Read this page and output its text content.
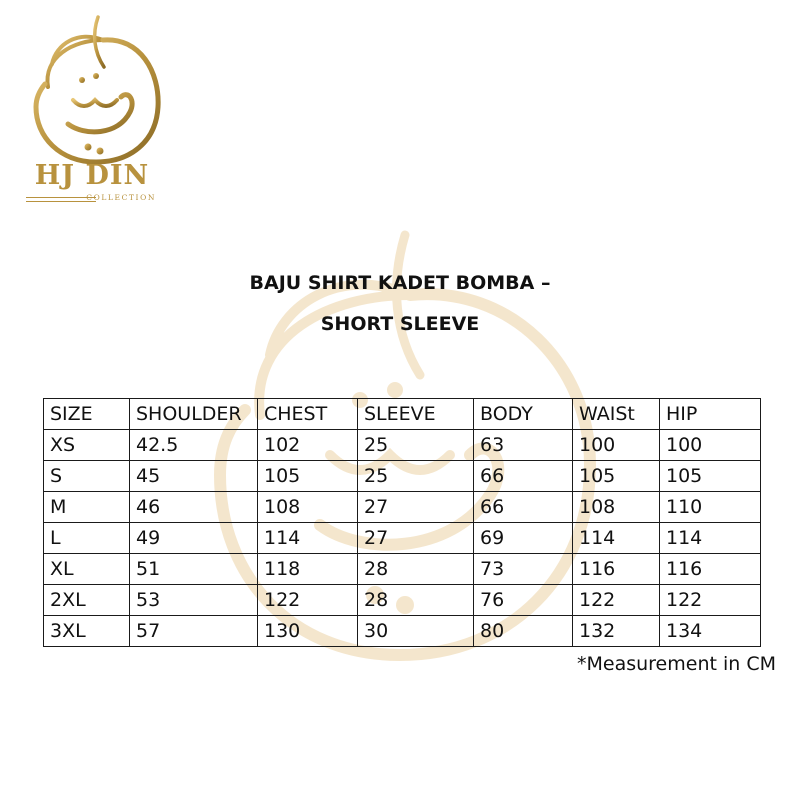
HJ DIN
COLLECTION
BAJU SHIRT KADET BOMBA –
SHORT SLEEVE
SIZE	SHOULDER	CHEST	SLEEVE	BODY	WAISt	HIP
XS	42.5	102	25	63	100	100
S	45	105	25	66	105	105
M	46	108	27	66	108	110
L	49	114	27	69	114	114
XL	51	118	28	73	116	116
2XL	53	122	28	76	122	122
3XL	57	130	30	80	132	134
*Measurement in CM
